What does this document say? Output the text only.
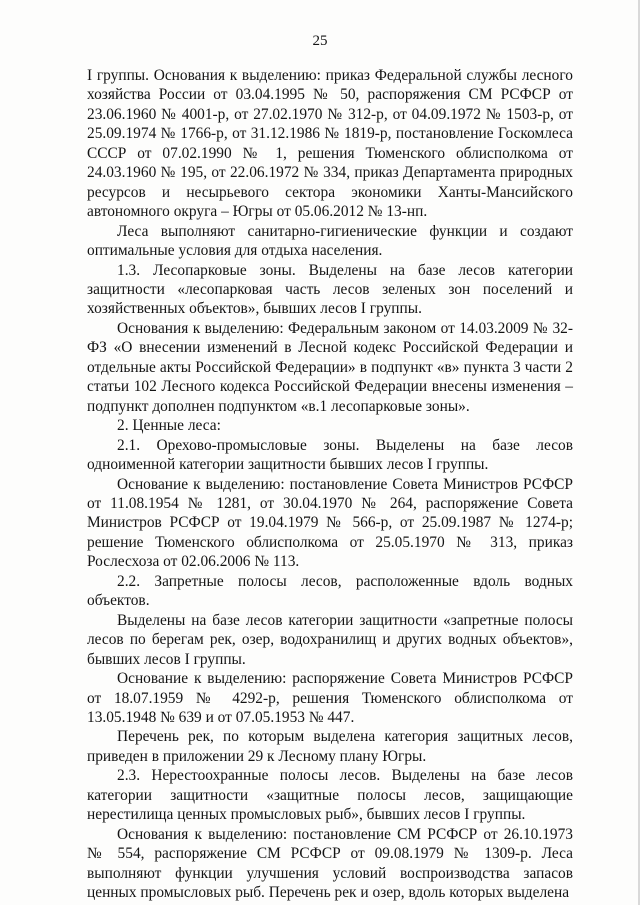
25

I группы. Основания к выделению: приказ Федеральной службы лесного хозяйства России от 03.04.1995 № 50, распоряжения СМ РСФСР от 23.06.1960 № 4001-р, от 27.02.1970 № 312-р, от 04.09.1972 № 1503-р, от 25.09.1974 № 1766-р, от 31.12.1986 № 1819-р, постановление Госкомлеса СССР от 07.02.1990 № 1, решения Тюменского облисполкома от 24.03.1960 № 195, от 22.06.1972 № 334, приказ Департамента природных ресурсов и несырьевого сектора экономики Ханты-Мансийского автономного округа – Югры от 05.06.2012 № 13-нп.

Леса выполняют санитарно-гигиенические функции и создают оптимальные условия для отдыха населения.

1.3. Лесопарковые зоны. Выделены на базе лесов категории защитности «лесопарковая часть лесов зеленых зон поселений и хозяйственных объектов», бывших лесов I группы.

Основания к выделению: Федеральным законом от 14.03.2009 № 32-ФЗ «О внесении изменений в Лесной кодекс Российской Федерации и отдельные акты Российской Федерации» в подпункт «в» пункта 3 части 2 статьи 102 Лесного кодекса Российской Федерации внесены изменения – подпункт дополнен подпунктом «в.1 лесопарковые зоны».

2. Ценные леса:

2.1. Орехово-промысловые зоны. Выделены на базе лесов одноименной категории защитности бывших лесов I группы.

Основание к выделению: постановление Совета Министров РСФСР от 11.08.1954 № 1281, от 30.04.1970 № 264, распоряжение Совета Министров РСФСР от 19.04.1979 № 566-р, от 25.09.1987 № 1274-р; решение Тюменского облисполкома от 25.05.1970 № 313, приказ Рослесхоза от 02.06.2006 № 113.

2.2. Запретные полосы лесов, расположенные вдоль водных объектов.

Выделены на базе лесов категории защитности «запретные полосы лесов по берегам рек, озер, водохранилищ и других водных объектов», бывших лесов I группы.

Основание к выделению: распоряжение Совета Министров РСФСР от 18.07.1959 № 4292-р, решения Тюменского облисполкома от 13.05.1948 № 639 и от 07.05.1953 № 447.

Перечень рек, по которым выделена категория защитных лесов, приведен в приложении 29 к Лесному плану Югры.

2.3. Нерестоохранные полосы лесов. Выделены на базе лесов категории защитности «защитные полосы лесов, защищающие нерестилища ценных промысловых рыб», бывших лесов I группы.

Основания к выделению: постановление СМ РСФСР от 26.10.1973 № 554, распоряжение СМ РСФСР от 09.08.1979 № 1309-р. Леса выполняют функции улучшения условий воспроизводства запасов ценных промысловых рыб. Перечень рек и озер, вдоль которых выделена
